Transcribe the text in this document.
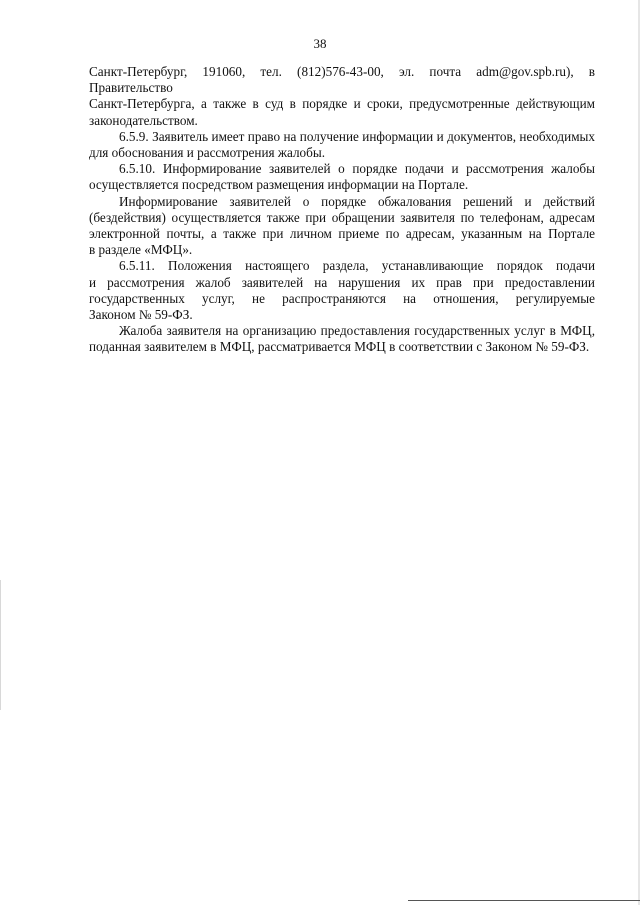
38

Санкт-Петербург, 191060, тел. (812)576-43-00, эл. почта adm@gov.spb.ru), в Правительство
Санкт-Петербурга, а также в суд в порядке и сроки, предусмотренные действующим
законодательством.

6.5.9. Заявитель имеет право на получение информации и документов, необходимых
для обоснования и рассмотрения жалобы.

6.5.10. Информирование заявителей о порядке подачи и рассмотрения жалобы
осуществляется посредством размещения информации на Портале.

Информирование заявителей о порядке обжалования решений и действий
(бездействия) осуществляется также при обращении заявителя по телефонам, адресам
электронной почты, а также при личном приеме по адресам, указанным на Портале
в разделе «МФЦ».

6.5.11. Положения настоящего раздела, устанавливающие порядок подачи
и рассмотрения жалоб заявителей на нарушения их прав при предоставлении
государственных услуг, не распространяются на отношения, регулируемые
Законом № 59-ФЗ.

Жалоба заявителя на организацию предоставления государственных услуг в МФЦ,
поданная заявителем в МФЦ, рассматривается МФЦ в соответствии с Законом № 59-ФЗ.
